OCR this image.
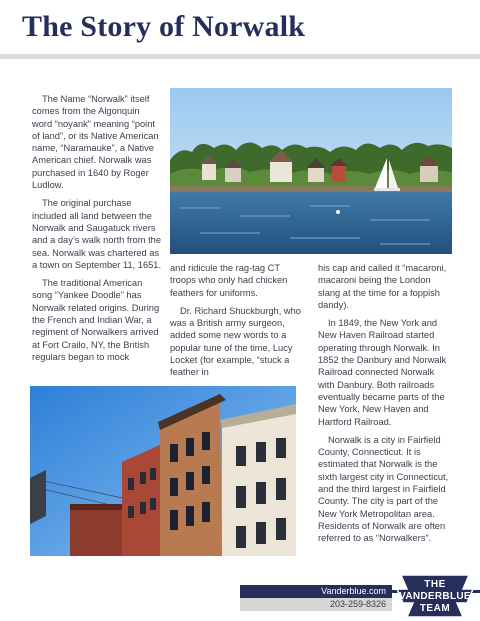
The Story of Norwalk

The Name “Norwalk” itself comes from the Algonquin word “noyank” meaning “point of land”, or its Native American name, “Naramauke”, a Native American chief. Norwalk was purchased in 1640 by Roger Ludlow.

The original purchase included all land between the Norwalk and Saugatuck rivers and a day’s walk north from the sea. Norwalk was chartered as a town on September 11, 1651.

The traditional American song “Yankee Doodle” has Norwalk related origins. During the French and Indian War, a regiment of Norwalkers arrived at Fort Crailo, NY, the British regulars began to mock

and ridicule the rag-tag CT troops who only had chicken feathers for uniforms.

Dr. Richard Shuckburgh, who was a British army surgeon, added some new words to a popular tune of the time, Lucy Locket (for example, “stuck a feather in

his cap and called it “macaroni, macaroni being the London slang at the time for a foppish dandy).

In 1849, the New York and New Haven Railroad started operating through Norwalk. In 1852 the Danbury and Norwalk Railroad connected Norwalk with Danbury. Both railroads eventually became parts of the New York, New Haven and Hartford Railroad.

Norwalk is a city in Fairfield County, Connecticut. It is estimated that Norwalk is the sixth largest city in Connecticut, and the third largest in Fairfield County. The city is part of the New York Metropolitan area. Residents of Norwalk are often referred to as “Norwalkers”.

Vanderblue.com
203-259-8326
THE
VANDERBLUE
TEAM
